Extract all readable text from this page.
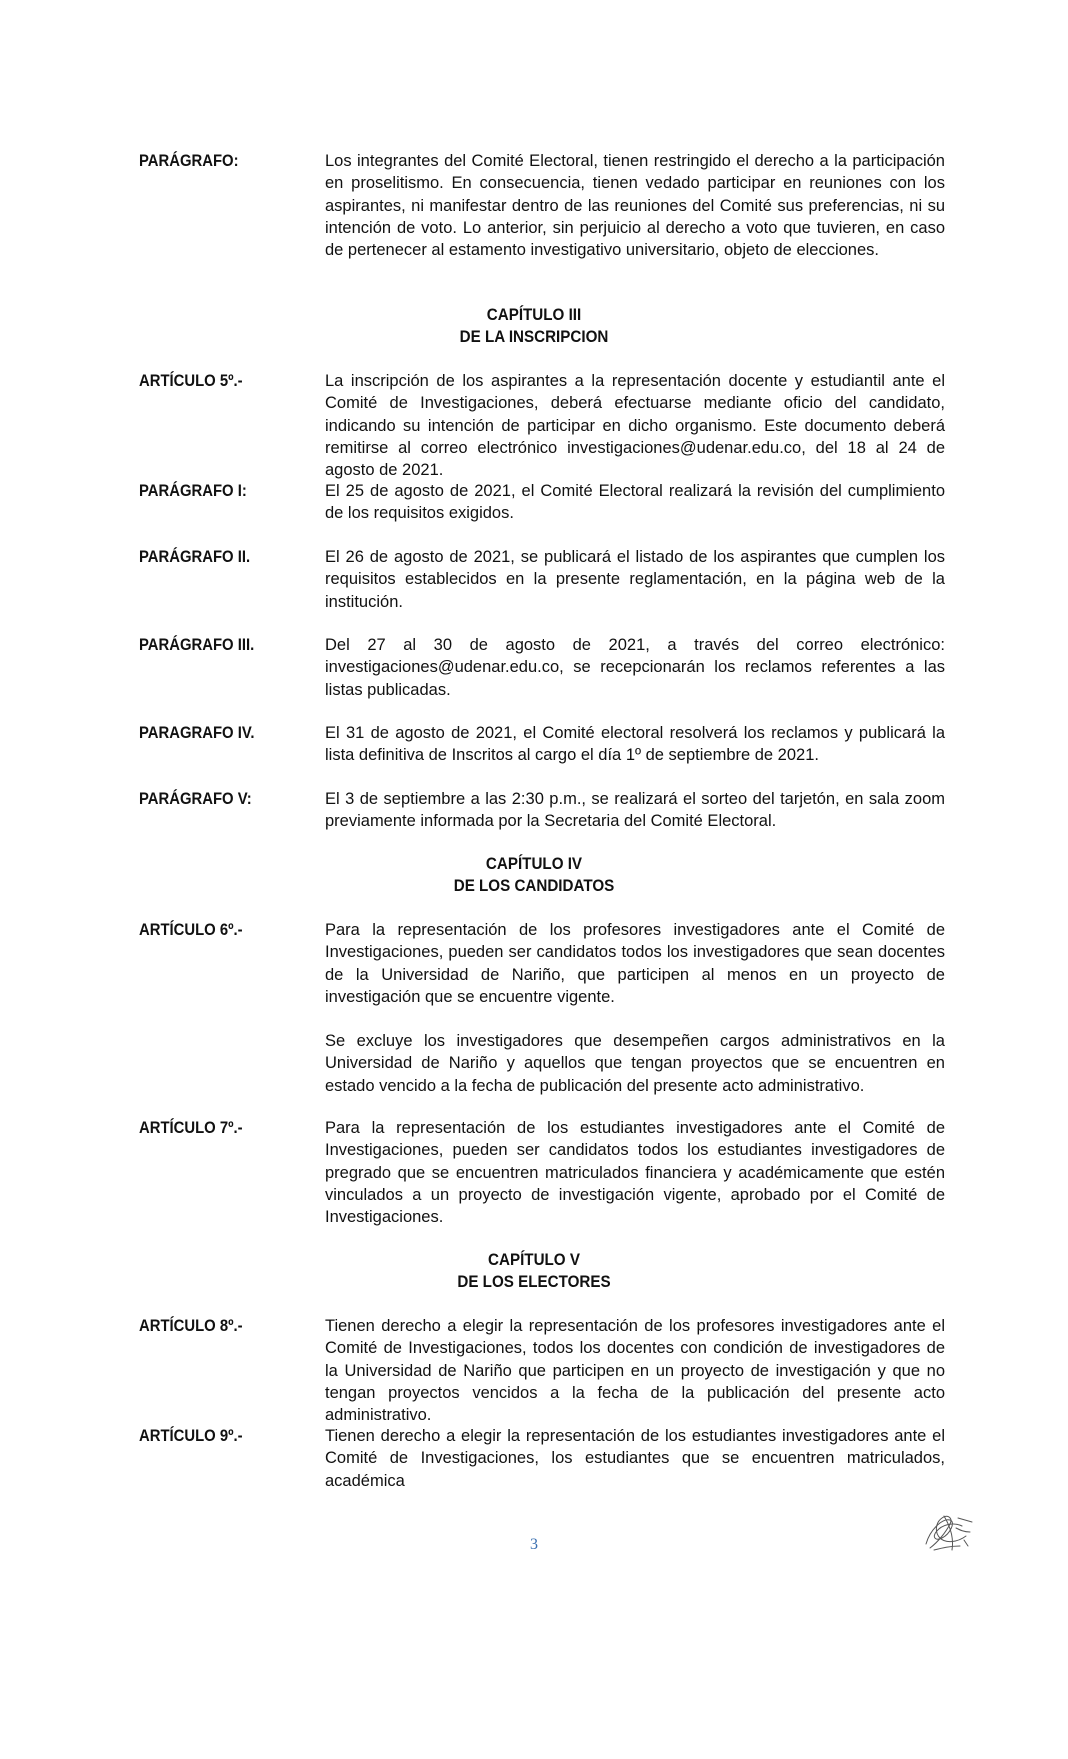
PARÁGRAFO:	Los integrantes del Comité Electoral, tienen restringido el derecho a la participación en proselitismo. En consecuencia, tienen vedado participar en reuniones con los aspirantes, ni manifestar dentro de las reuniones del Comité sus preferencias, ni su intención de voto. Lo anterior, sin perjuicio al derecho a voto que tuvieren, en caso de pertenecer al estamento investigativo universitario, objeto de elecciones.
CAPÍTULO III
DE LA INSCRIPCION
ARTÍCULO 5º.-	La inscripción de los aspirantes a la representación docente y estudiantil ante el Comité de Investigaciones, deberá efectuarse mediante oficio del candidato, indicando su intención de participar en dicho organismo. Este documento deberá remitirse al correo electrónico investigaciones@udenar.edu.co, del 18 al 24 de agosto de 2021.
PARÁGRAFO I:	El 25 de agosto de 2021, el Comité Electoral realizará la revisión del cumplimiento de los requisitos exigidos.
PARÁGRAFO II.	El 26 de agosto de 2021, se publicará el listado de los aspirantes que cumplen los requisitos establecidos en la presente reglamentación, en la página web de la institución.
PARÁGRAFO III.	Del 27 al 30 de agosto de 2021, a través del correo electrónico: investigaciones@udenar.edu.co, se recepcionarán los reclamos referentes a las listas publicadas.
PARAGRAFO IV.	El 31 de agosto de 2021, el Comité electoral resolverá los reclamos y publicará la lista definitiva de Inscritos al cargo el día 1º de septiembre de 2021.
PARÁGRAFO V:	El 3 de septiembre a las 2:30 p.m., se realizará el sorteo del tarjetón, en sala zoom previamente informada por la Secretaria del Comité Electoral.
CAPÍTULO IV
DE LOS CANDIDATOS
ARTÍCULO 6º.-	Para la representación de los profesores investigadores ante el Comité de Investigaciones, pueden ser candidatos todos los investigadores que sean docentes de la Universidad de Nariño, que participen al menos en un proyecto de investigación que se encuentre vigente.
Se excluye los investigadores que desempeñen cargos administrativos en la Universidad de Nariño y aquellos que tengan proyectos que se encuentren en estado vencido a la fecha de publicación del presente acto administrativo.
ARTÍCULO 7º.-	Para la representación de los estudiantes investigadores ante el Comité de Investigaciones, pueden ser candidatos todos los estudiantes investigadores de pregrado que se encuentren matriculados financiera y académicamente que estén vinculados a un proyecto de investigación vigente, aprobado por el Comité de Investigaciones.
CAPÍTULO V
DE LOS ELECTORES
ARTÍCULO 8º.-	Tienen derecho a elegir la representación de los profesores investigadores ante el Comité de Investigaciones, todos los docentes con condición de investigadores de la Universidad de Nariño que participen en un proyecto de investigación y que no tengan proyectos vencidos a la fecha de la publicación del presente acto administrativo.
ARTÍCULO 9º.-	Tienen derecho a elegir la representación de los estudiantes investigadores ante el Comité de Investigaciones, los estudiantes que se encuentren matriculados, académica
3
